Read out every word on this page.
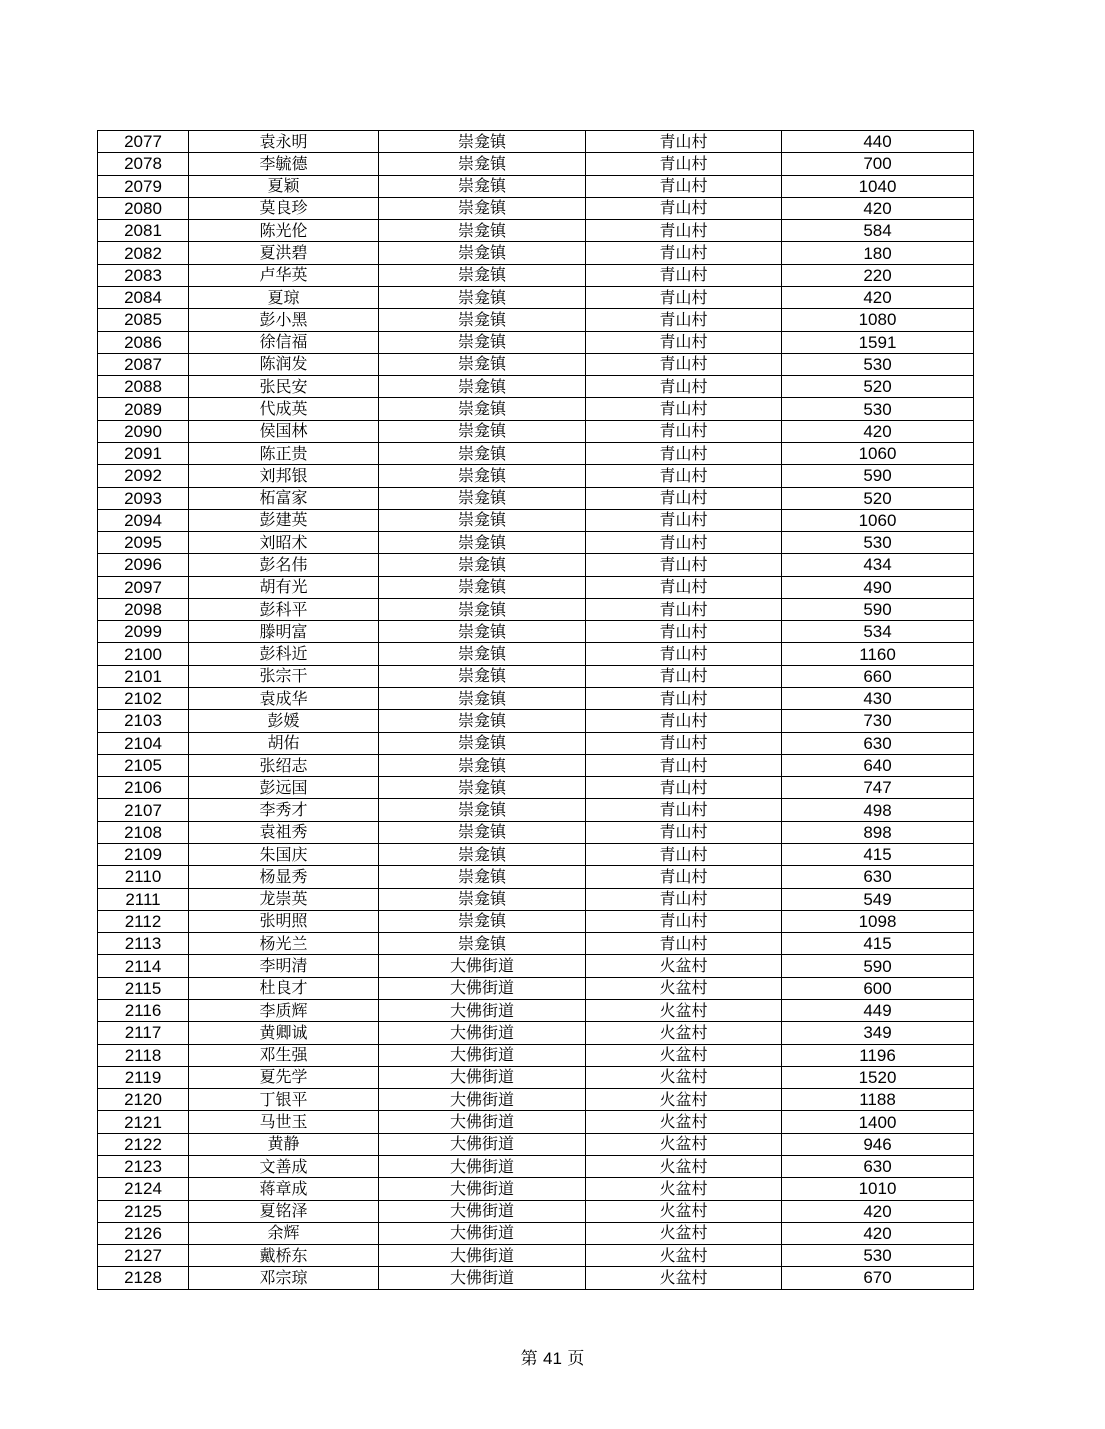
2077	袁永明	崇龛镇	青山村	440
2078	李毓德	崇龛镇	青山村	700
2079	夏颖	崇龛镇	青山村	1040
2080	莫良珍	崇龛镇	青山村	420
2081	陈光伦	崇龛镇	青山村	584
2082	夏洪碧	崇龛镇	青山村	180
2083	卢华英	崇龛镇	青山村	220
2084	夏琼	崇龛镇	青山村	420
2085	彭小黑	崇龛镇	青山村	1080
2086	徐信福	崇龛镇	青山村	1591
2087	陈润发	崇龛镇	青山村	530
2088	张民安	崇龛镇	青山村	520
2089	代成英	崇龛镇	青山村	530
2090	侯国林	崇龛镇	青山村	420
2091	陈正贵	崇龛镇	青山村	1060
2092	刘邦银	崇龛镇	青山村	590
2093	柘富家	崇龛镇	青山村	520
2094	彭建英	崇龛镇	青山村	1060
2095	刘昭术	崇龛镇	青山村	530
2096	彭名伟	崇龛镇	青山村	434
2097	胡有光	崇龛镇	青山村	490
2098	彭科平	崇龛镇	青山村	590
2099	滕明富	崇龛镇	青山村	534
2100	彭科近	崇龛镇	青山村	1160
2101	张宗干	崇龛镇	青山村	660
2102	袁成华	崇龛镇	青山村	430
2103	彭媛	崇龛镇	青山村	730
2104	胡佑	崇龛镇	青山村	630
2105	张绍志	崇龛镇	青山村	640
2106	彭远国	崇龛镇	青山村	747
2107	李秀才	崇龛镇	青山村	498
2108	袁祖秀	崇龛镇	青山村	898
2109	朱国庆	崇龛镇	青山村	415
2110	杨显秀	崇龛镇	青山村	630
2111	龙崇英	崇龛镇	青山村	549
2112	张明照	崇龛镇	青山村	1098
2113	杨光兰	崇龛镇	青山村	415
2114	李明清	大佛街道	火盆村	590
2115	杜良才	大佛街道	火盆村	600
2116	李质辉	大佛街道	火盆村	449
2117	黄卿诚	大佛街道	火盆村	349
2118	邓生强	大佛街道	火盆村	1196
2119	夏先学	大佛街道	火盆村	1520
2120	丁银平	大佛街道	火盆村	1188
2121	马世玉	大佛街道	火盆村	1400
2122	黄静	大佛街道	火盆村	946
2123	文善成	大佛街道	火盆村	630
2124	蒋章成	大佛街道	火盆村	1010
2125	夏铭泽	大佛街道	火盆村	420
2126	余辉	大佛街道	火盆村	420
2127	戴桥东	大佛街道	火盆村	530
2128	邓宗琼	大佛街道	火盆村	670
第 41 页
